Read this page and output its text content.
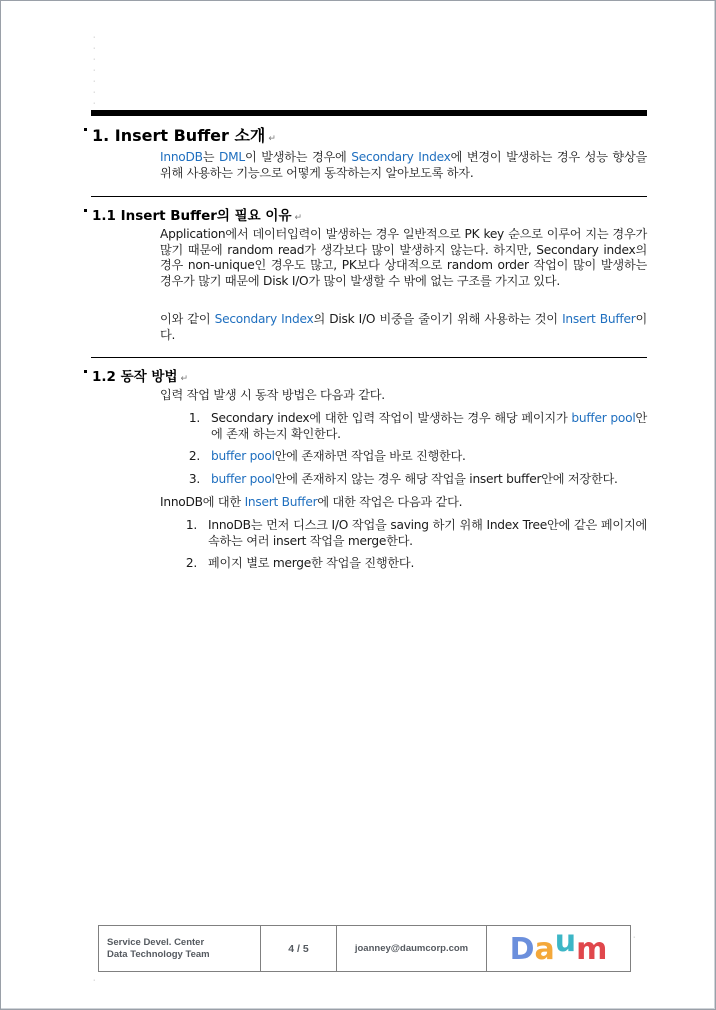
·
·
·
·
·
·
·
1. Insert Buffer 소개 ↵
InnoDB는 DML이 발생하는 경우에 Secondary Index에 변경이 발생하는 경우 성능 향상을 위해 사용하는 기능으로 어떻게 동작하는지 알아보도록 하자.
1.1 Insert Buffer의 필요 이유 ↵
Application에서 데이터입력이 발생하는 경우 일반적으로 PK key 순으로 이루어 지는 경우가 많기 때문에 random read가 생각보다 많이 발생하지 않는다. 하지만, Secondary index의 경우 non-unique인 경우도 많고, PK보다 상대적으로 random order 작업이 많이 발생하는 경우가 많기 때문에 Disk I/O가 많이 발생할 수 밖에 없는 구조를 가지고 있다.
이와 같이 Secondary Index의 Disk I/O 비중을 줄이기 위해 사용하는 것이 Insert Buffer이다.
1.2 동작 방법 ↵
입력 작업 발생 시 동작 방법은 다음과 같다.
1. Secondary index에 대한 입력 작업이 발생하는 경우 해당 페이지가 buffer pool안에 존재 하는지 확인한다.
2. buffer pool안에 존재하면 작업을 바로 진행한다.
3. buffer pool안에 존재하지 않는 경우 해당 작업을 insert buffer안에 저장한다.
InnoDB에 대한 Insert Buffer에 대한 작업은 다음과 같다.
1. InnoDB는 먼저 디스크 I/O 작업을 saving 하기 위해 Index Tree안에 같은 페이지에 속하는 여러 insert 작업을 merge한다.
2. 페이지 별로 merge한 작업을 진행한다.
Service Devel. Center
Data Technology Team	4 / 5	joanney@daumcorp.com	D a u m	·
·
